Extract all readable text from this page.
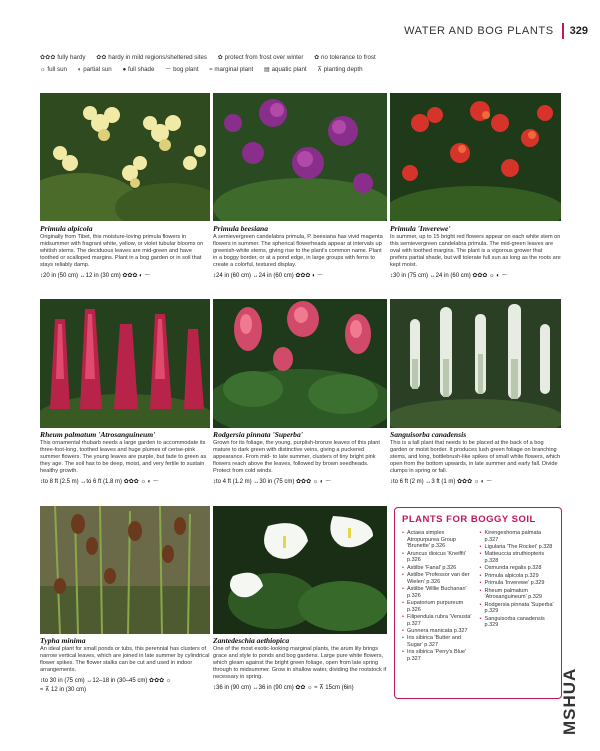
WATER AND BOG PLANTS 329
✿✿✿ fully hardy ✿✿ hardy in mild regions/sheltered sites ✿ protect from frost over winter ✿ no tolerance to frost
☼ full sun ◐ partial sun ● full shade 〜 bog plant ≈ marginal plant ▤ aquatic plant ⊼ planting depth
Primula alpicola
Originally from Tibet, this moisture-loving primula flowers in midsummer with fragrant white, yellow, or violet tubular blooms on whitish stems. The deciduous leaves are mid-green and have toothed or scalloped margins. Plant in a bog garden or in soil that stays reliably damp.
↕20 in (50 cm) ↔12 in (30 cm) ✿✿✿ ◐ 〜
Primula beesiana
A semievergreen candelabra primula, P. beesiana has vivid magenta flowers in summer. The spherical flowerheads appear at intervals up greenish-white stems, giving rise to the plant's common name. Plant in a boggy border, or at a pond edge, in large groups with ferns to create a colorful, textured display.
↕24 in (60 cm) ↔24 in (60 cm) ✿✿✿ ◐ 〜
Primula 'Inverewe'
In summer, up to 15 bright red flowers appear on each white stem on this semievergreen candelabra primula. The mid-green leaves are oval with toothed margins. The plant is a vigorous grower that prefers partial shade, but will tolerate full sun as long as the roots are kept moist.
↕30 in (75 cm) ↔24 in (60 cm) ✿✿✿ ☼ ◐ 〜
Rheum palmatum 'Atrosanguineum'
This ornamental rhubarb needs a large garden to accommodate its three-foot-long, toothed leaves and huge plumes of cerise-pink summer flowers. The young leaves are purple, but fade to green as they age. The soil has to be deep, moist, and very fertile to sustain healthy growth.
↕to 8 ft (2.5 m) ↔to 6 ft (1.8 m) ✿✿✿ ☼ ◐ 〜
Rodgersia pinnata 'Superba'
Grown for its foliage, the young, purplish-bronze leaves of this plant mature to dark green with distinctive veins, giving a puckered appearance. From mid- to late summer, clusters of tiny bright pink flowers reach above the leaves, followed by brown seedheads. Protect from cold winds.
↕to 4 ft (1.2 m) ↔30 in (75 cm) ✿✿✿ ☼ ◐ 〜
Sanguisorba canadensis
This is a tall plant that needs to be placed at the back of a bog garden or moist border. It produces lush green foliage on branching stems, and long, bottlebrush-like spikes of small white flowers, which open from the bottom upwards, in late summer and early fall. Divide clumps in spring or fall.
↕to 6 ft (2 m) ↔3 ft (1 m) ✿✿✿ ☼ ◐ 〜
Typha minima
An ideal plant for small ponds or tubs, this perennial has clusters of narrow vertical leaves, which are joined in late summer by cylindrical flower spikes. The flower stalks can be cut and used in indoor arrangements.
↕to 30 in (75 cm) ↔12–18 in (30–45 cm) ✿✿✿ ☼
≈ ⊼ 12 in (30 cm)
Zantedeschia aethiopica
One of the most exotic-looking marginal plants, the arum lily brings grace and style to ponds and bog gardens. Large pure white flowers, which gleam against the bright green foliage, open from late spring through to midsummer. Grow in shallow water, dividing the rootstock if necessary in spring.
↕36 in (90 cm) ↔36 in (90 cm) ✿✿ ☼ ≈ ⊼ 15cm (6in)
PLANTS FOR BOGGY SOIL
• Actaea simplex Atropurpurea Group 'Brunette' p.326
• Aruncus dioicus 'Kneiffii' p.326
• Astilbe 'Fanal' p.326
• Astilbe 'Professor van der Wielen' p.326
• Astilbe 'Willie Buchanan' p.326
• Eupatorium purpureum p.326
• Filipendula rubra 'Venusta' p.327
• Gunnera manicata p.327
• Iris sibirica 'Butter and Sugar' p.327
• Iris sibirica 'Perry's Blue' p.327
• Kirengeshoma palmata p.327
• Ligularia 'The Rocket' p.328
• Matteuccia struthiopteris p.328
• Osmunda regalis p.328
• Primula alpicola p.329
• Primula 'Inverewe' p.329
• Rheum palmatum 'Atrosanguineum' p.329
• Rodgersia pinnata 'Superba' p.329
• Sanguisorba canadensis p.329
MSHUA
